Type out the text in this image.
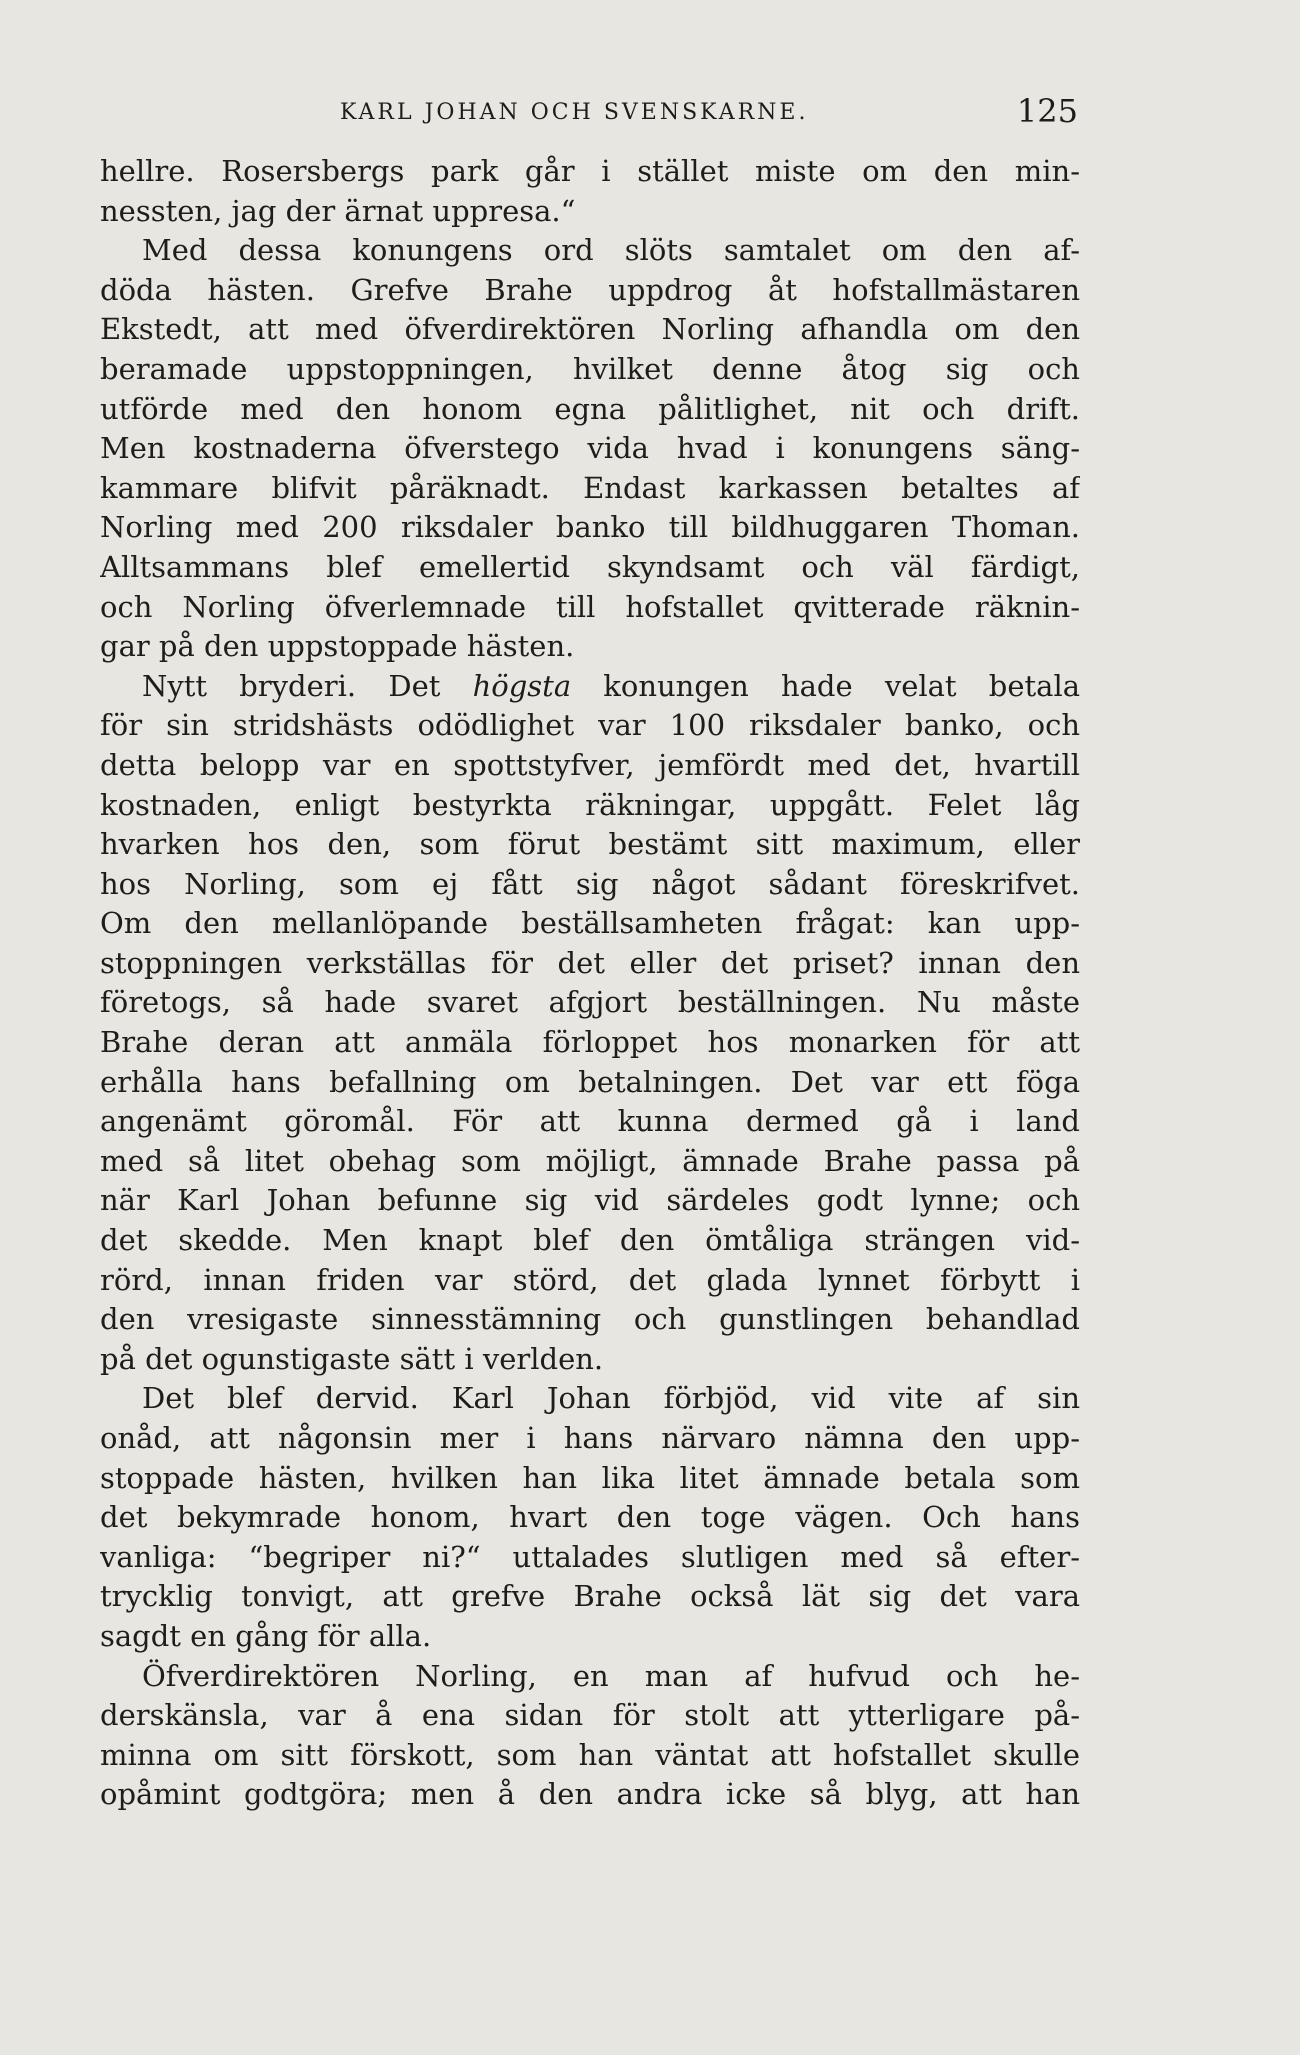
KARL JOHAN OCH SVENSKARNE.	125
hellre. Rosersbergs park går i stället miste om den min-
nessten, jag der ärnat uppresa.“
Med dessa konungens ord slöts samtalet om den af-
döda hästen. Grefve Brahe uppdrog åt hofstallmästaren
Ekstedt, att med öfverdirektören Norling afhandla om den
beramade uppstoppningen, hvilket denne åtog sig och
utförde med den honom egna pålitlighet, nit och drift.
Men kostnaderna öfverstego vida hvad i konungens säng-
kammare blifvit påräknadt. Endast karkassen betaltes af
Norling med 200 riksdaler banko till bildhuggaren Thoman.
Alltsammans blef emellertid skyndsamt och väl färdigt,
och Norling öfverlemnade till hofstallet qvitterade räknin-
gar på den uppstoppade hästen.
Nytt bryderi. Det högsta konungen hade velat betala
för sin stridshästs odödlighet var 100 riksdaler banko, och
detta belopp var en spottstyfver, jemfördt med det, hvartill
kostnaden, enligt bestyrkta räkningar, uppgått. Felet låg
hvarken hos den, som förut bestämt sitt maximum, eller
hos Norling, som ej fått sig något sådant föreskrifvet.
Om den mellanlöpande beställsamheten frågat: kan upp-
stoppningen verkställas för det eller det priset? innan den
företogs, så hade svaret afgjort beställningen. Nu måste
Brahe deran att anmäla förloppet hos monarken för att
erhålla hans befallning om betalningen. Det var ett föga
angenämt göromål. För att kunna dermed gå i land
med så litet obehag som möjligt, ämnade Brahe passa på
när Karl Johan befunne sig vid särdeles godt lynne; och
det skedde. Men knapt blef den ömtåliga strängen vid-
rörd, innan friden var störd, det glada lynnet förbytt i
den vresigaste sinnesstämning och gunstlingen behandlad
på det ogunstigaste sätt i verlden.
Det blef dervid. Karl Johan förbjöd, vid vite af sin
onåd, att någonsin mer i hans närvaro nämna den upp-
stoppade hästen, hvilken han lika litet ämnade betala som
det bekymrade honom, hvart den toge vägen. Och hans
vanliga: “begriper ni?“ uttalades slutligen med så efter-
trycklig tonvigt, att grefve Brahe också lät sig det vara
sagdt en gång för alla.
Öfverdirektören Norling, en man af hufvud och he-
derskänsla, var å ena sidan för stolt att ytterligare på-
minna om sitt förskott, som han väntat att hofstallet skulle
opåmint godtgöra; men å den andra icke så blyg, att han
